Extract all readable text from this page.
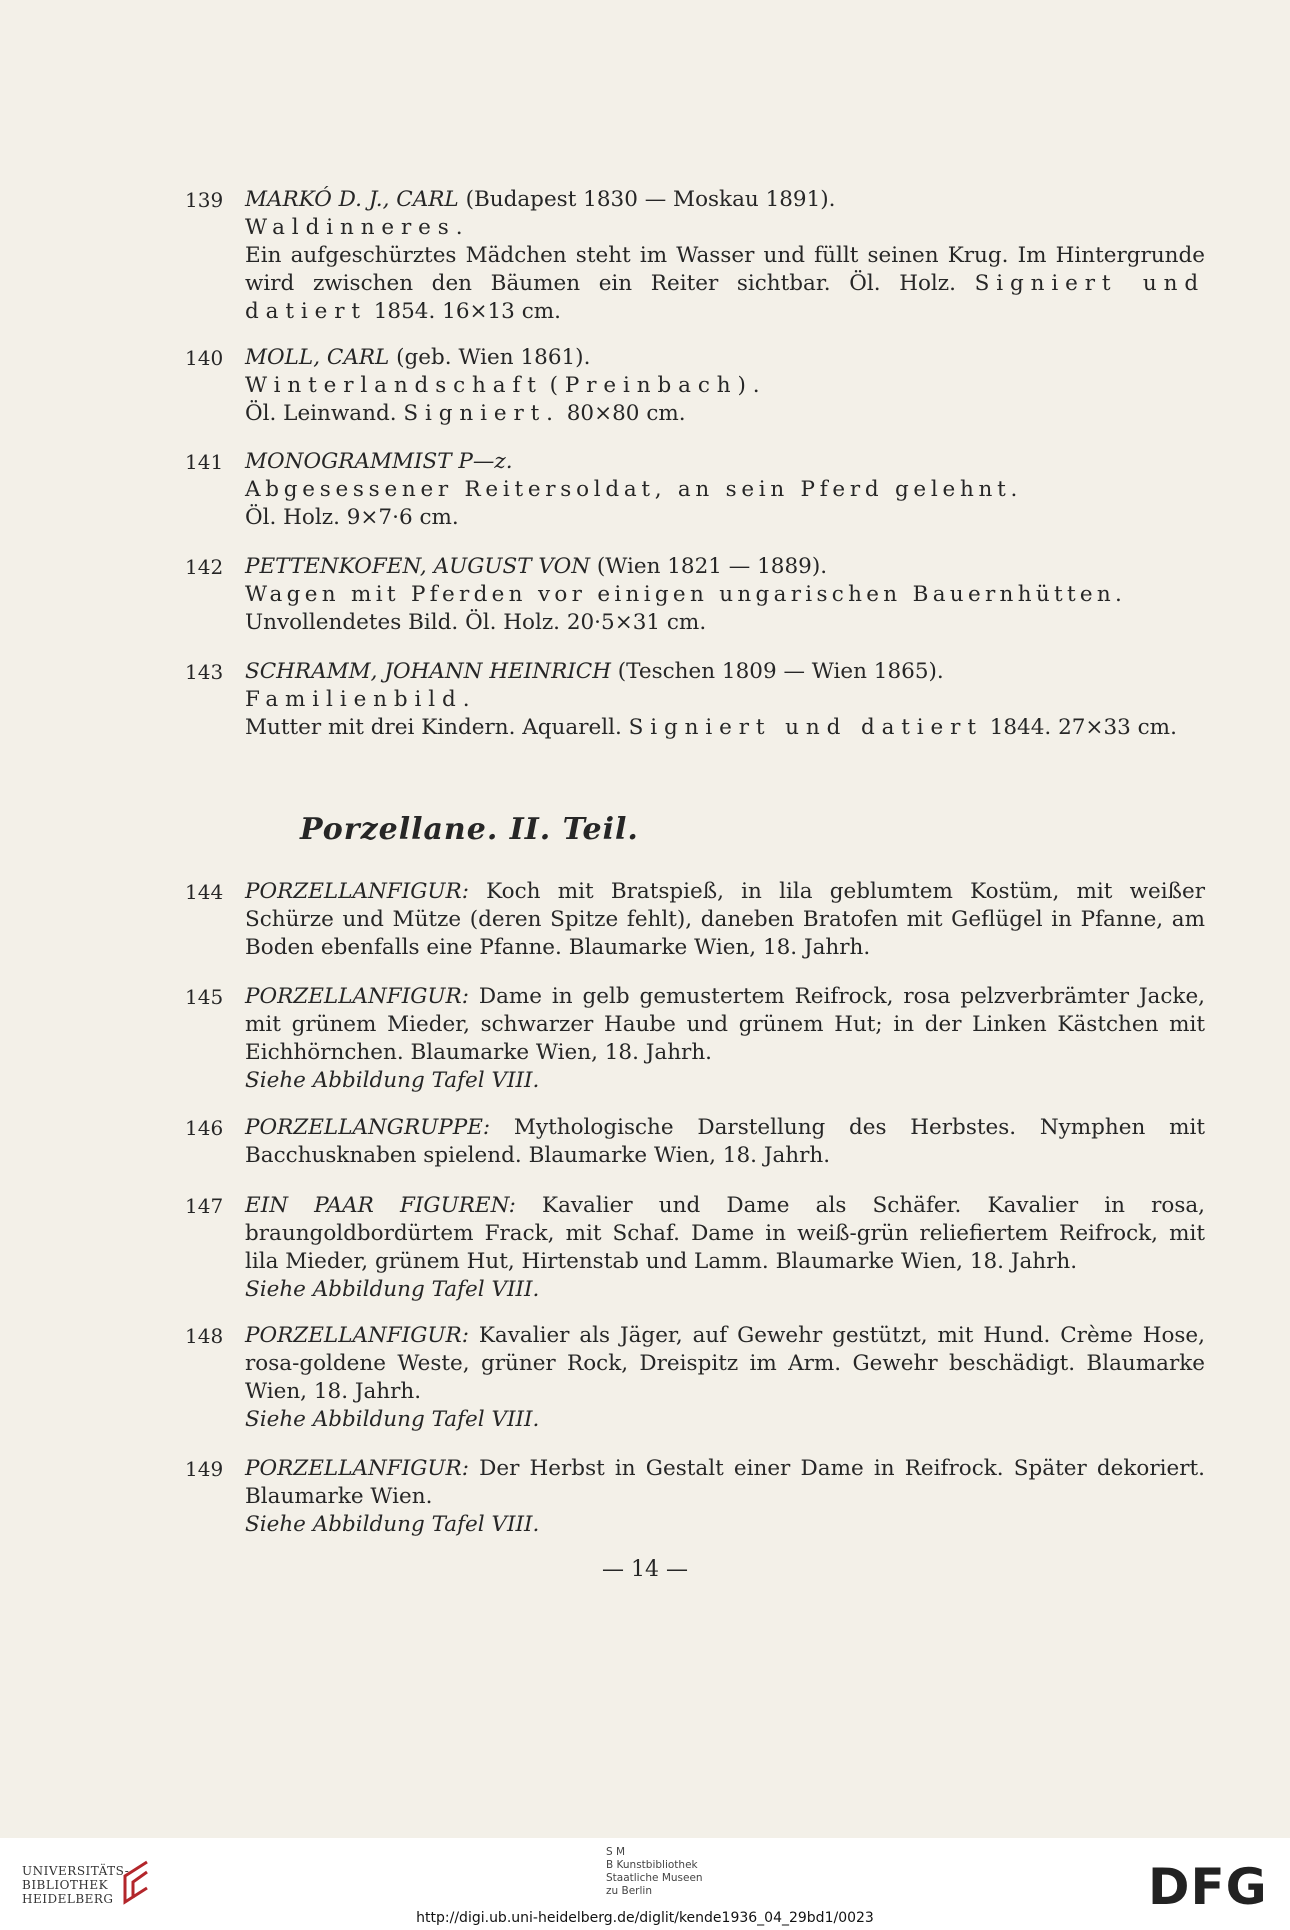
139	MARKÓ D. J., CARL (Budapest 1830 — Moskau 1891).
Waldinneres.
Ein aufgeschürztes Mädchen steht im Wasser und füllt seinen Krug. Im Hintergrunde wird zwischen den Bäumen ein Reiter sichtbar. Öl. Holz. Signiert und datiert 1854. 16×13 cm.
140	MOLL, CARL (geb. Wien 1861).
Winterlandschaft (Preinbach).
Öl. Leinwand. Signiert. 80×80 cm.
141	MONOGRAMMIST P—z.
Abgesessener Reitersoldat, an sein Pferd gelehnt.
Öl. Holz. 9×7·6 cm.
142	PETTENKOFEN, AUGUST VON (Wien 1821 — 1889).
Wagen mit Pferden vor einigen ungarischen Bauernhütten.
Unvollendetes Bild. Öl. Holz. 20·5×31 cm.
143	SCHRAMM, JOHANN HEINRICH (Teschen 1809 — Wien 1865).
Familienbild.
Mutter mit drei Kindern. Aquarell. Signiert und datiert 1844. 27×33 cm.
Porzellane. II. Teil.
144	PORZELLANFIGUR: Koch mit Bratspieß, in lila geblumtem Kostüm, mit weißer Schürze und Mütze (deren Spitze fehlt), daneben Bratofen mit Geflügel in Pfanne, am Boden ebenfalls eine Pfanne. Blaumarke Wien, 18. Jahrh.
145	PORZELLANFIGUR: Dame in gelb gemustertem Reifrock, rosa pelzverbrämter Jacke, mit grünem Mieder, schwarzer Haube und grünem Hut; in der Linken Kästchen mit Eichhörnchen. Blaumarke Wien, 18. Jahrh.
Siehe Abbildung Tafel VIII.
146	PORZELLANGRUPPE: Mythologische Darstellung des Herbstes. Nymphen mit Bacchusknaben spielend. Blaumarke Wien, 18. Jahrh.
147	EIN PAAR FIGUREN: Kavalier und Dame als Schäfer. Kavalier in rosa, braungoldbordürtem Frack, mit Schaf. Dame in weiß-grün reliefiertem Reifrock, mit lila Mieder, grünem Hut, Hirtenstab und Lamm. Blaumarke Wien, 18. Jahrh.
Siehe Abbildung Tafel VIII.
148	PORZELLANFIGUR: Kavalier als Jäger, auf Gewehr gestützt, mit Hund. Crème Hose, rosa-goldene Weste, grüner Rock, Dreispitz im Arm. Gewehr beschädigt. Blaumarke Wien, 18. Jahrh.
Siehe Abbildung Tafel VIII.
149	PORZELLANFIGUR: Der Herbst in Gestalt einer Dame in Reifrock. Später dekoriert. Blaumarke Wien.
Siehe Abbildung Tafel VIII.
— 14 —
UNIVERSITÄTS-
BIBLIOTHEK
HEIDELBERG
S M
B Kunstbibliothek
Staatliche Museen
zu Berlin	DFG
http://digi.ub.uni-heidelberg.de/diglit/kende1936_04_29bd1/0023
